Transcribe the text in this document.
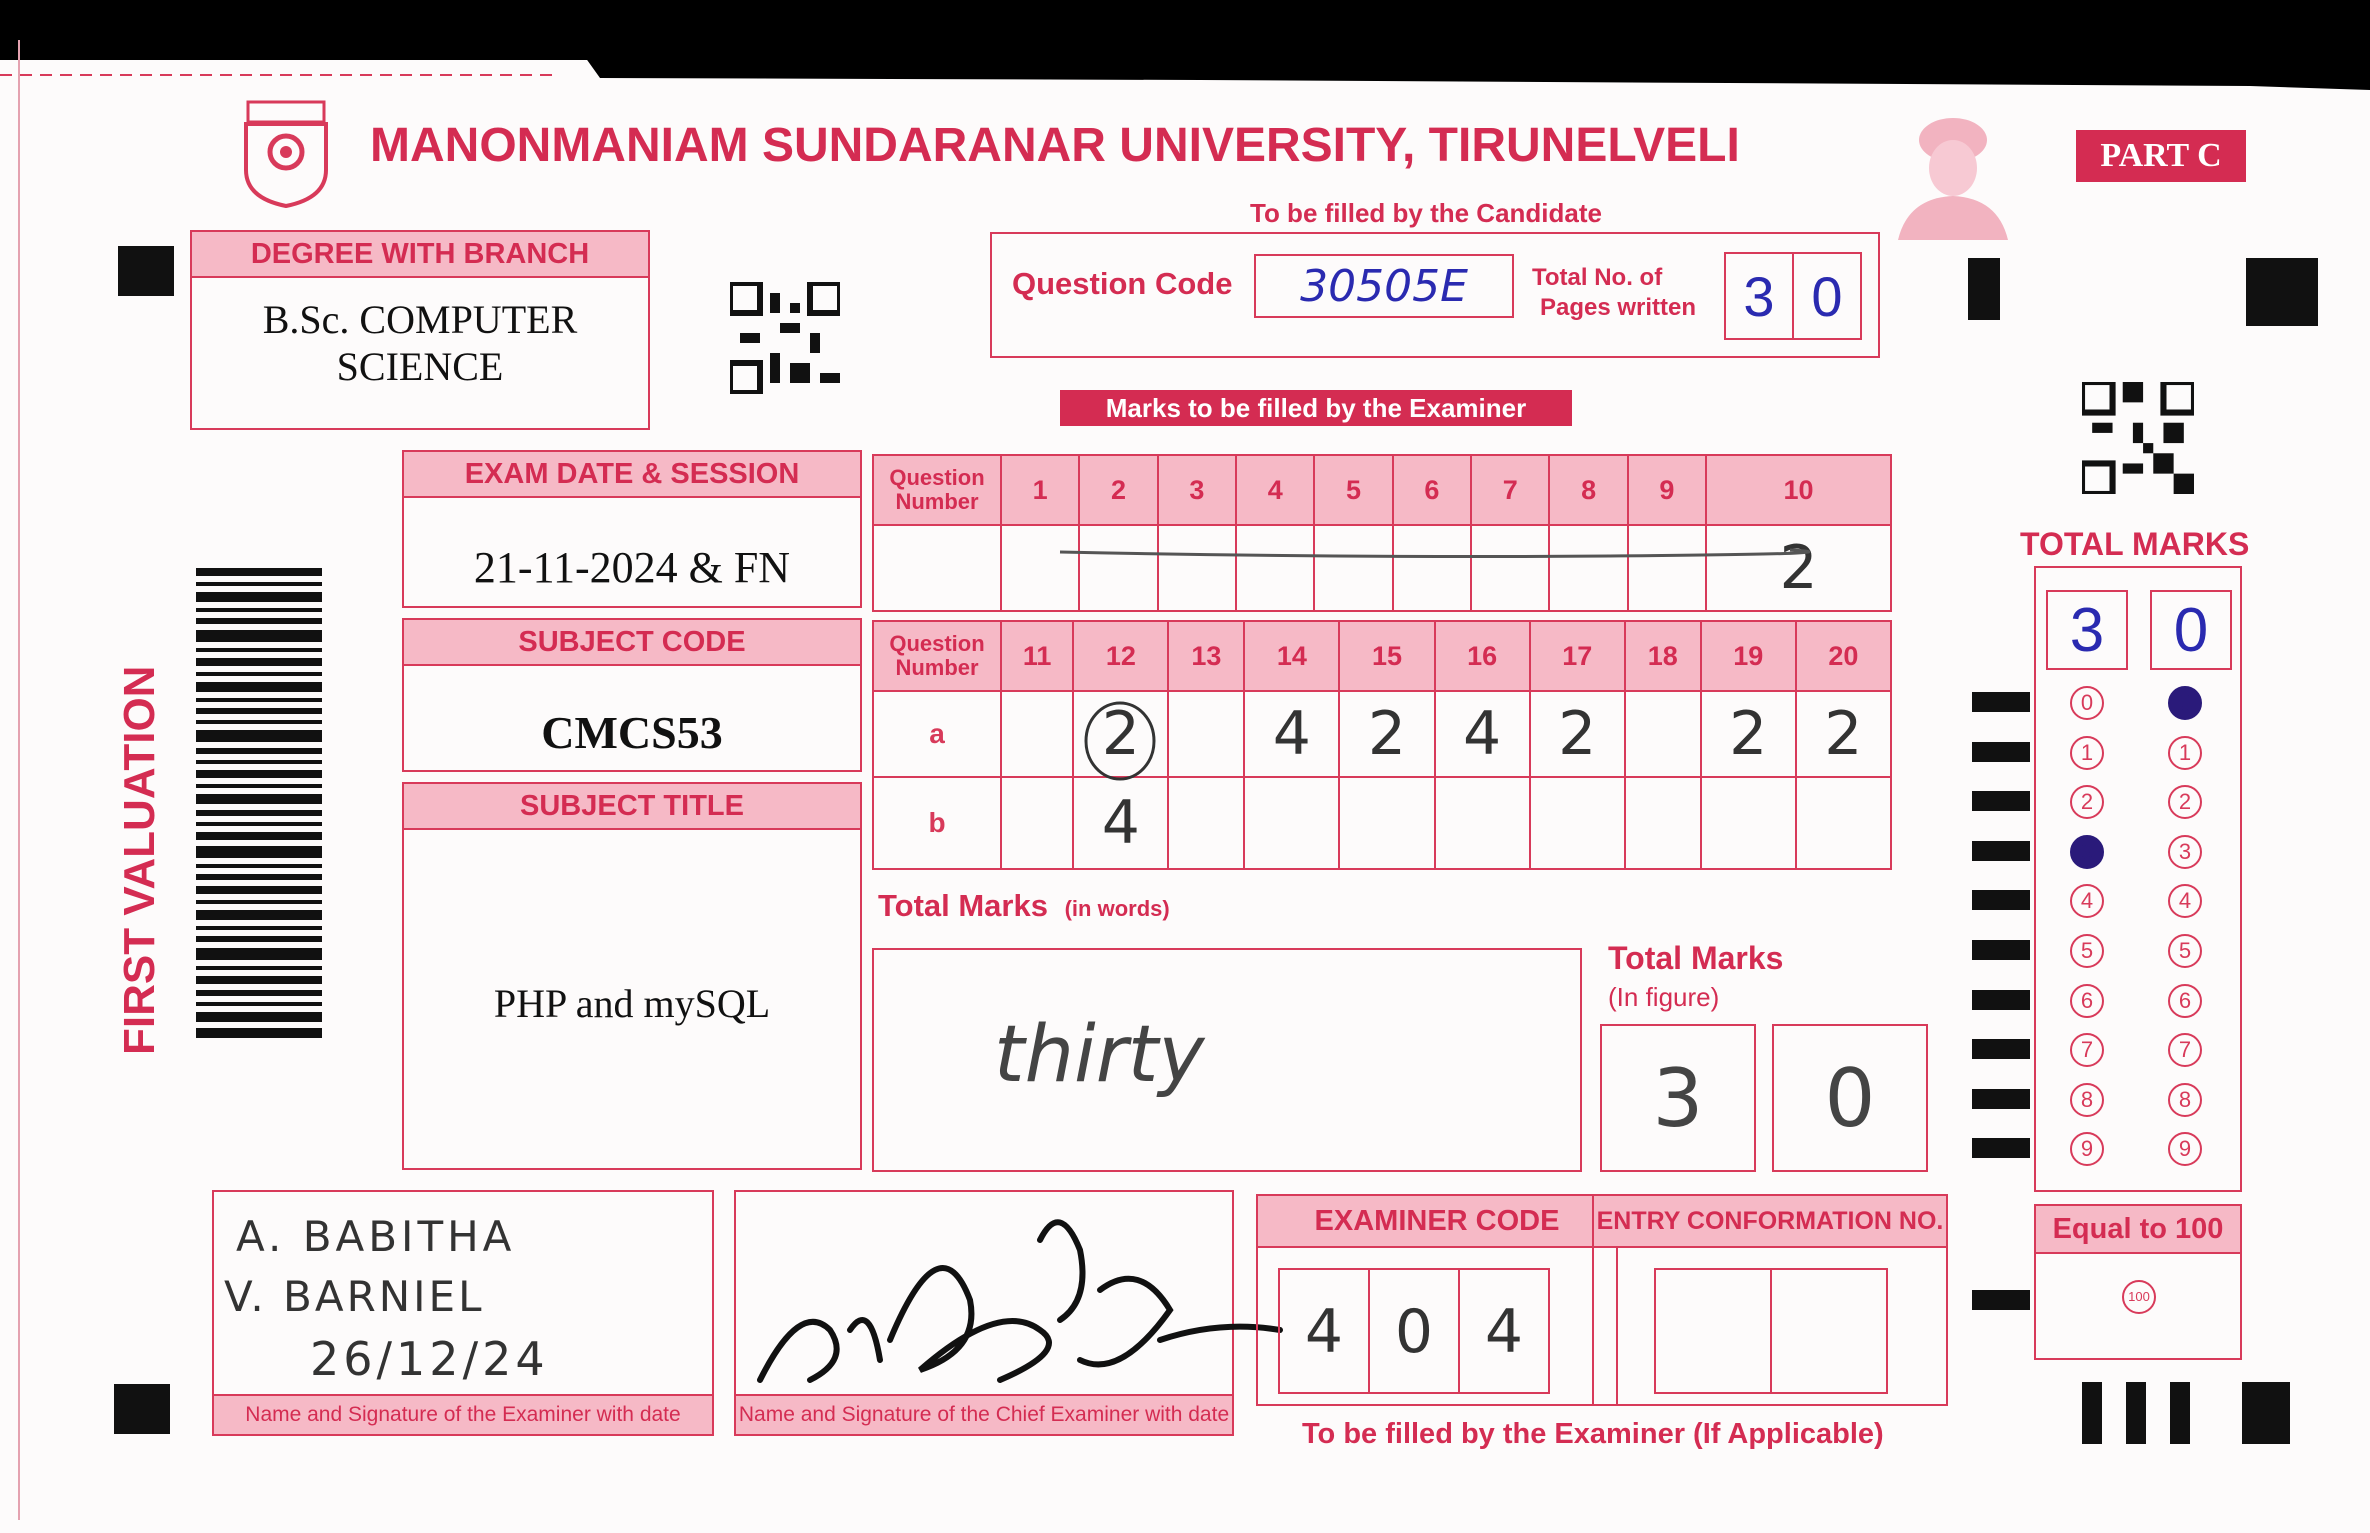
MANONMANIAM SUNDARANAR UNIVERSITY, TIRUNELVELI	PART C
To be filled by the Candidate
DEGREE WITH BRANCH
B.Sc. COMPUTER
SCIENCE
Question Code	30505E	Total No. of
Pages written 3 0
Marks to be filled by the Examiner
FIRST VALUATION
EXAM DATE & SESSION
21-11-2024 & FN
SUBJECT CODE
CMCS53
SUBJECT TITLE
PHP and mySQL
Question
Number	1	2	3	4	5	6	7	8	9	10
										2
Question
Number	11	12	13	14	15	16	17	18	19	20
a		2		4	2	4	2		2	2
b		4								
Total Marks (in words)
thirty
Total Marks
(In figure)
3	0
TOTAL MARKS
3	0
0	0
1	1
2	2
3	3
4	4
5	5
6	6
7	7
8	8
9	9
Equal to 100
100
A. BABITHA
V. BARNIEL
26/12/24
Name and Signature of the Examiner with date	Name and Signature of the Chief Examiner with date
EXAMINER CODE
4 0 4
ENTRY CONFORMATION NO.
To be filled by the Examiner (If Applicable)
